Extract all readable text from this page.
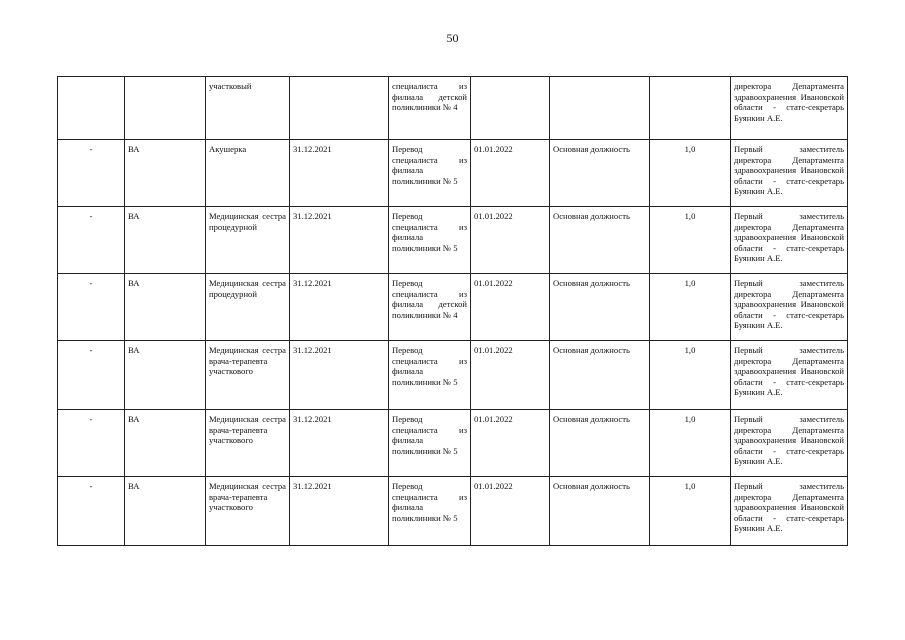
50
		участковый		специалиста из филиала детской поликлиники № 4				директора Департамента здравоохранения Ивановской области - статс-секретарь Буянкин А.Е.
-	ВА	Акушерка	31.12.2021	Перевод специалиста из филиала поликлиники № 5	01.01.2022	Основная должность	1,0	Первый заместитель директора Департамента здравоохранения Ивановской области - статс-секретарь Буянкин А.Е.
-	ВА	Медицинская сестра процедурной	31.12.2021	Перевод специалиста из филиала поликлиники № 5	01.01.2022	Основная должность	1,0	Первый заместитель директора Департамента здравоохранения Ивановской области - статс-секретарь Буянкин А.Е.
-	ВА	Медицинская сестра процедурной	31.12.2021	Перевод специалиста из филиала детской поликлиники № 4	01.01.2022	Основная должность	1,0	Первый заместитель директора Департамента здравоохранения Ивановской области - статс-секретарь Буянкин А.Е.
-	ВА	Медицинская сестра врача-терапевта участкового	31.12.2021	Перевод специалиста из филиала поликлиники № 5	01.01.2022	Основная должность	1,0	Первый заместитель директора Департамента здравоохранения Ивановской области - статс-секретарь Буянкин А.Е.
-	ВА	Медицинская сестра врача-терапевта участкового	31.12.2021	Перевод специалиста из филиала поликлиники № 5	01.01.2022	Основная должность	1,0	Первый заместитель директора Департамента здравоохранения Ивановской области - статс-секретарь Буянкин А.Е.
-	ВА	Медицинская сестра врача-терапевта участкового	31.12.2021	Перевод специалиста из филиала поликлиники № 5	01.01.2022	Основная должность	1,0	Первый заместитель директора Департамента здравоохранения Ивановской области - статс-секретарь Буянкин А.Е.
